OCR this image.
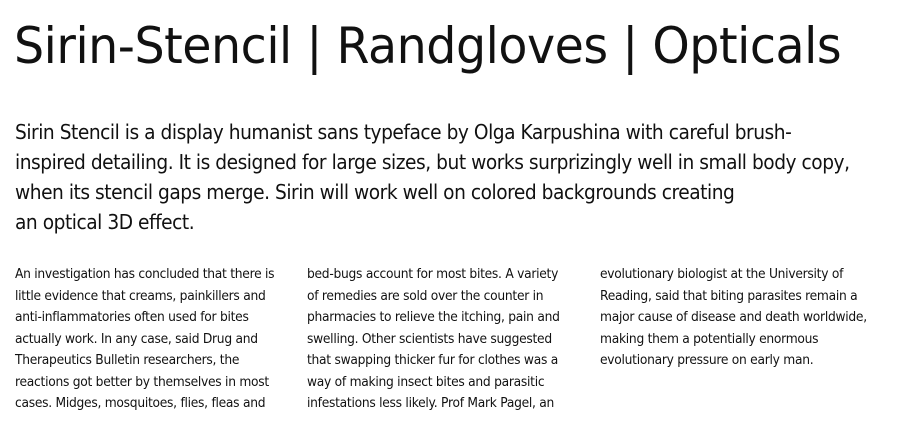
Sirin-Stencil | Randgloves | Opticals

Sirin Stencil is a display humanist sans typeface by Olga Karpushina with careful brush-
inspired detailing. It is designed for large sizes, but works surprizingly well in small body copy,
when its stencil gaps merge. Sirin will work well on colored backgrounds creating
an optical 3D effect.

An investigation has concluded that there is
little evidence that creams, painkillers and
anti-inflammatories often used for bites
actually work. In any case, said Drug and
Therapeutics Bulletin researchers, the
reactions got better by themselves in most
cases. Midges, mosquitoes, flies, fleas and
bed-bugs account for most bites. A variety
of remedies are sold over the counter in
pharmacies to relieve the itching, pain and
swelling. Other scientists have suggested
that swapping thicker fur for clothes was a
way of making insect bites and parasitic
infestations less likely. Prof Mark Pagel, an
evolutionary biologist at the University of
Reading, said that biting parasites remain a
major cause of disease and death worldwide,
making them a potentially enormous
evolutionary pressure on early man.
